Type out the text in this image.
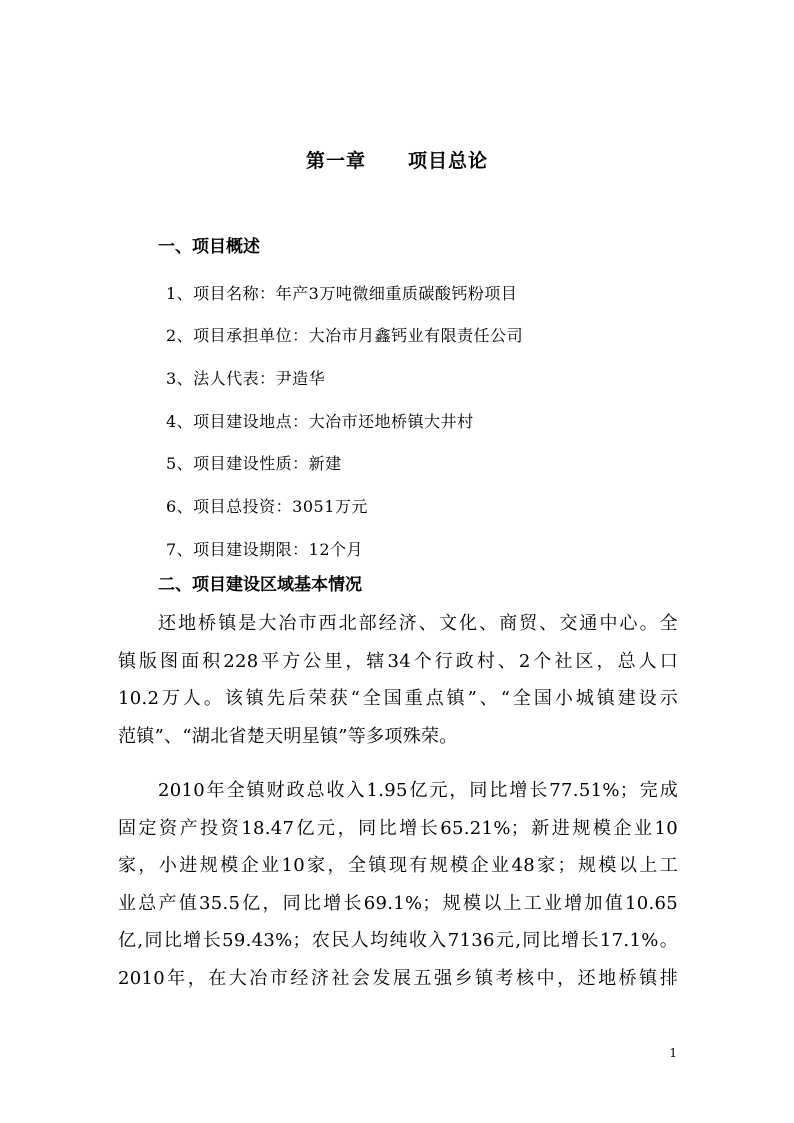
第一章 项目总论
一、项目概述
1、项目名称：年产3万吨微细重质碳酸钙粉项目
2、项目承担单位：大冶市月鑫钙业有限责任公司
3、法人代表：尹造华
4、项目建设地点：大冶市还地桥镇大井村
5、项目建设性质：新建
6、项目总投资：3051万元
7、项目建设期限：12个月
二、项目建设区域基本情况
还地桥镇是大冶市西北部经济、文化、商贸、交通中心。全
镇版图面积228平方公里，辖34个行政村、2个社区，总人口
10.2万人。该镇先后荣获“全国重点镇”、“全国小城镇建设示
范镇”、“湖北省楚天明星镇”等多项殊荣。
2010年全镇财政总收入1.95亿元，同比增长77.51%；完成
固定资产投资18.47亿元，同比增长65.21%；新进规模企业10
家，小进规模企业10家，全镇现有规模企业48家；规模以上工
业总产值35.5亿，同比增长69.1%；规模以上工业增加值10.65
亿,同比增长59.43%；农民人均纯收入7136元,同比增长17.1%。
2010年，在大冶市经济社会发展五强乡镇考核中，还地桥镇排
1
